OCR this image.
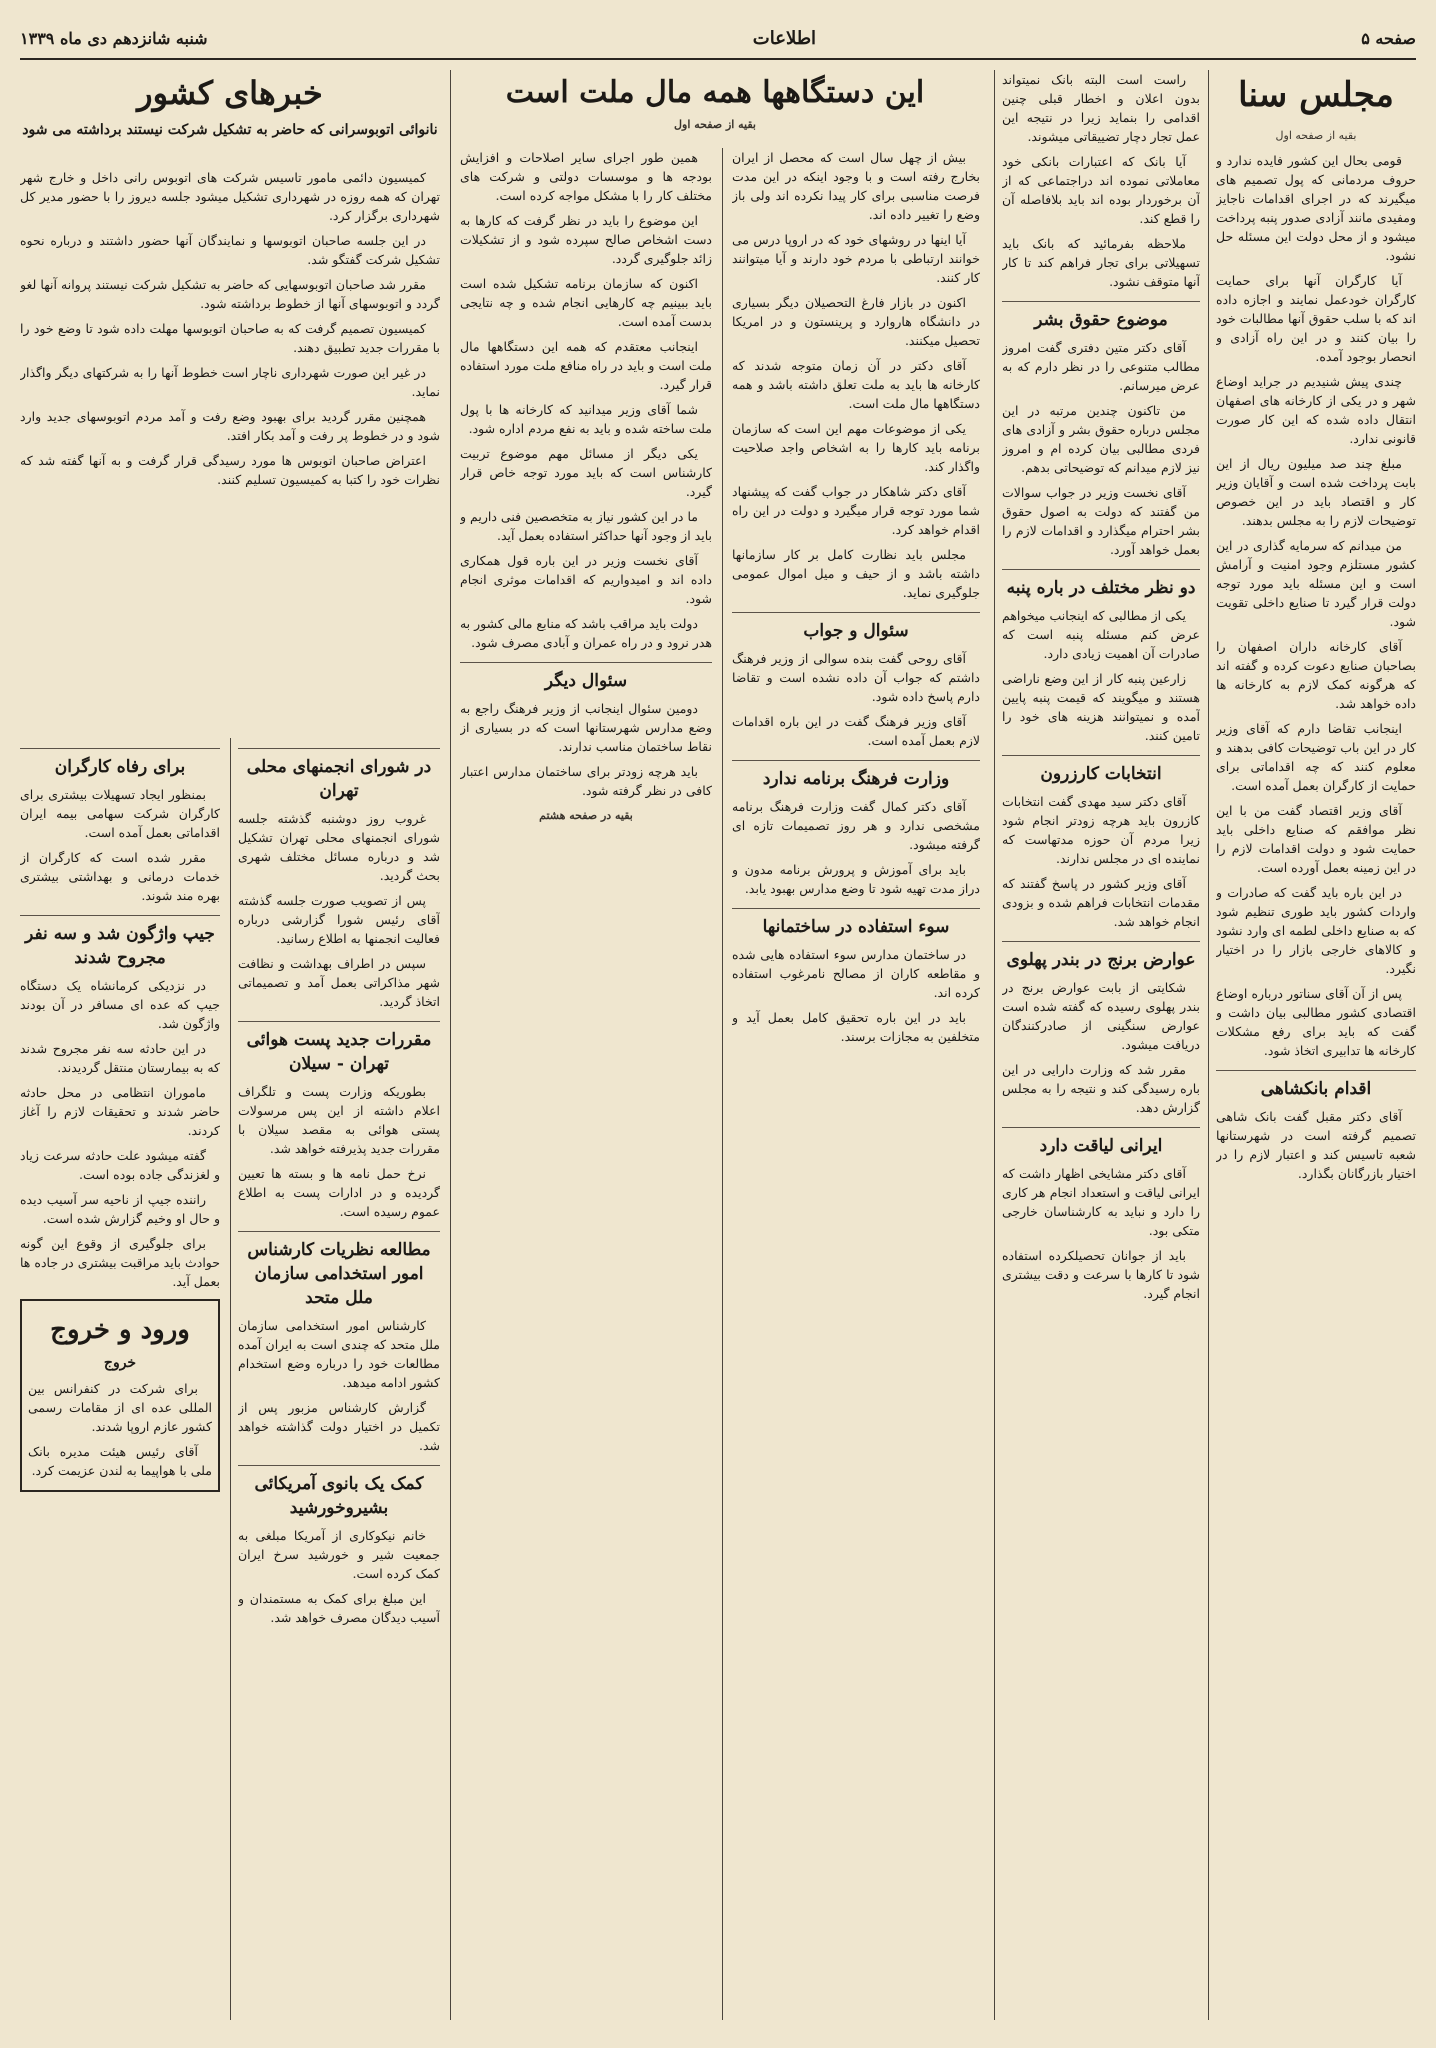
صفحه ۵
اطلاعات
شنبه شانزدهم دی ماه ۱۳۳۹
مجلس سنا
بقیه از صفحه اول

قومی بحال این کشور فایده ندارد و حروف مردمانی که پول تصمیم های میگیرند که در اجرای اقدامات ناجایز ومفیدی مانند آزادی صدور پنبه پرداخت میشود و از محل دولت این مسئله حل نشود.

آیا کارگران آنها برای حمایت کارگران خودعمل نمایند و اجازه داده اند که با سلب حقوق آنها مطالبات خود را بیان کنند و در این راه آزادی و انحصار بوجود آمده.

چندی پیش شنیدیم در جراید اوضاع شهر و در یکی از کارخانه های اصفهان انتقال داده شده که این کار صورت قانونی ندارد.

مبلغ چند صد میلیون ریال از این بابت پرداخت شده است و آقایان وزیر کار و اقتصاد باید در این خصوص توضیحات لازم را به مجلس بدهند.

من میدانم که سرمایه گذاری در این کشور مستلزم وجود امنیت و آرامش است و این مسئله باید مورد توجه دولت قرار گیرد تا صنایع داخلی تقویت شود.

آقای کارخانه داران اصفهان را بصاحبان صنایع دعوت کرده و گفته اند که هرگونه کمک لازم به کارخانه ها داده خواهد شد.

اینجانب تقاضا دارم که آقای وزیر کار در این باب توضیحات کافی بدهند و معلوم کنند که چه اقداماتی برای حمایت از کارگران بعمل آمده است.

آقای وزیر اقتصاد گفت من با این نظر موافقم که صنایع داخلی باید حمایت شود و دولت اقدامات لازم را در این زمینه بعمل آورده است.

در این باره باید گفت که صادرات و واردات کشور باید طوری تنظیم شود که به صنایع داخلی لطمه ای وارد نشود و کالاهای خارجی بازار را در اختیار نگیرد.

پس از آن آقای سناتور درباره اوضاع اقتصادی کشور مطالبی بیان داشت و گفت که باید برای رفع مشکلات کارخانه ها تدابیری اتخاذ شود.

اقدام بانکشاهی

آقای دکتر مقبل گفت بانک شاهی تصمیم گرفته است در شهرستانها شعبه تاسیس کند و اعتبار لازم را در اختیار بازرگانان بگذارد.

راست است البته بانک نمیتواند بدون اعلان و اخطار قبلی چنین اقدامی را بنماید زیرا در نتیجه این عمل تجار دچار تضییقاتی میشوند.

آیا بانک که اعتبارات بانکی خود معاملاتی نموده اند دراجتماعی که از آن برخوردار بوده اند باید بلافاصله آن را قطع کند.

ملاحظه بفرمائید که بانک باید تسهیلاتی برای تجار فراهم کند تا کار آنها متوقف نشود.

موضوع حقوق بشر

آقای دکتر متین دفتری گفت امروز مطالب متنوعی را در نظر دارم که به عرض میرسانم.

من تاکنون چندین مرتبه در این مجلس درباره حقوق بشر و آزادی های فردی مطالبی بیان کرده ام و امروز نیز لازم میدانم که توضیحاتی بدهم.

آقای نخست وزیر در جواب سوالات من گفتند که دولت به اصول حقوق بشر احترام میگذارد و اقدامات لازم را بعمل خواهد آورد.

دو نظر مختلف در باره پنبه

یکی از مطالبی که اینجانب میخواهم عرض کنم مسئله پنبه است که صادرات آن اهمیت زیادی دارد.

زارعین پنبه کار از این وضع ناراضی هستند و میگویند که قیمت پنبه پایین آمده و نمیتوانند هزینه های خود را تامین کنند.

انتخابات کارزرون

آقای دکتر سید مهدی گفت انتخابات کازرون باید هرچه زودتر انجام شود زیرا مردم آن حوزه مدتهاست که نماینده ای در مجلس ندارند.

آقای وزیر کشور در پاسخ گفتند که مقدمات انتخابات فراهم شده و بزودی انجام خواهد شد.

عوارض برنج در بندر پهلوی

شکایتی از بابت عوارض برنج در بندر پهلوی رسیده که گفته شده است عوارض سنگینی از صادرکنندگان دریافت میشود.

مقرر شد که وزارت دارایی در این باره رسیدگی کند و نتیجه را به مجلس گزارش دهد.

ایرانی لیاقت دارد

آقای دکتر مشایخی اظهار داشت که ایرانی لیاقت و استعداد انجام هر کاری را دارد و نباید به کارشناسان خارجی متکی بود.

باید از جوانان تحصیلکرده استفاده شود تا کارها با سرعت و دقت بیشتری انجام گیرد.

این دستگاهها همه مال ملت است
بقیه از صفحه اول

بیش از چهل سال است که محصل از ایران بخارج رفته است و با وجود اینکه در این مدت فرصت مناسبی برای کار پیدا نکرده اند ولی باز وضع را تغییر داده اند.

آیا اینها در روشهای خود که در اروپا درس می خوانند ارتباطی با مردم خود دارند و آیا میتوانند کار کنند.

اکنون در بازار فارغ التحصیلان دیگر بسیاری در دانشگاه هاروارد و پرینستون و در امریکا تحصیل میکنند.

آقای دکتر در آن زمان متوجه شدند که کارخانه ها باید به ملت تعلق داشته باشد و همه دستگاهها مال ملت است.

یکی از موضوعات مهم این است که سازمان برنامه باید کارها را به اشخاص واجد صلاحیت واگذار کند.

آقای دکتر شاهکار در جواب گفت که پیشنهاد شما مورد توجه قرار میگیرد و دولت در این راه اقدام خواهد کرد.

مجلس باید نظارت کامل بر کار سازمانها داشته باشد و از حیف و میل اموال عمومی جلوگیری نماید.

سئوال و جواب

آقای روحی گفت بنده سوالی از وزیر فرهنگ داشتم که جواب آن داده نشده است و تقاضا دارم پاسخ داده شود.

آقای وزیر فرهنگ گفت در این باره اقدامات لازم بعمل آمده است.

وزارت فرهنگ برنامه ندارد

آقای دکتر کمال گفت وزارت فرهنگ برنامه مشخصی ندارد و هر روز تصمیمات تازه ای گرفته میشود.

باید برای آموزش و پرورش برنامه مدون و دراز مدت تهیه شود تا وضع مدارس بهبود یابد.

سوء استفاده در ساختمانها

در ساختمان مدارس سوء استفاده هایی شده و مقاطعه کاران از مصالح نامرغوب استفاده کرده اند.

باید در این باره تحقیق کامل بعمل آید و متخلفین به مجازات برسند.

همین طور اجرای سایر اصلاحات و افزایش بودجه ها و موسسات دولتی و شرکت های مختلف کار را با مشکل مواجه کرده است.

این موضوع را باید در نظر گرفت که کارها به دست اشخاص صالح سپرده شود و از تشکیلات زائد جلوگیری گردد.

اکنون که سازمان برنامه تشکیل شده است باید ببینیم چه کارهایی انجام شده و چه نتایجی بدست آمده است.

اینجانب معتقدم که همه این دستگاهها مال ملت است و باید در راه منافع ملت مورد استفاده قرار گیرد.

شما آقای وزیر میدانید که کارخانه ها با پول ملت ساخته شده و باید به نفع مردم اداره شود.

یکی دیگر از مسائل مهم موضوع تربیت کارشناس است که باید مورد توجه خاص قرار گیرد.

ما در این کشور نیاز به متخصصین فنی داریم و باید از وجود آنها حداکثر استفاده بعمل آید.

آقای نخست وزیر در این باره قول همکاری داده اند و امیدواریم که اقدامات موثری انجام شود.

دولت باید مراقب باشد که منابع مالی کشور به هدر نرود و در راه عمران و آبادی مصرف شود.

سئوال دیگر

دومین سئوال اینجانب از وزیر فرهنگ راجع به وضع مدارس شهرستانها است که در بسیاری از نقاط ساختمان مناسب ندارند.

باید هرچه زودتر برای ساختمان مدارس اعتبار کافی در نظر گرفته شود.

بقیه در صفحه هشتم
خبرهای کشور
نانوائی اتوبوسرانی که حاضر به تشکیل شرکت نیستند برداشته می شود

کمیسیون دائمی مامور تاسیس شرکت های اتوبوس رانی داخل و خارج شهر تهران که همه روزه در شهرداری تشکیل میشود جلسه دیروز را با حضور مدیر کل شهرداری برگزار کرد.

در این جلسه صاحبان اتوبوسها و نمایندگان آنها حضور داشتند و درباره نحوه تشکیل شرکت گفتگو شد.

مقرر شد صاحبان اتوبوسهایی که حاضر به تشکیل شرکت نیستند پروانه آنها لغو گردد و اتوبوسهای آنها از خطوط برداشته شود.

کمیسیون تصمیم گرفت که به صاحبان اتوبوسها مهلت داده شود تا وضع خود را با مقررات جدید تطبیق دهند.

در غیر این صورت شهرداری ناچار است خطوط آنها را به شرکتهای دیگر واگذار نماید.

همچنین مقرر گردید برای بهبود وضع رفت و آمد مردم اتوبوسهای جدید وارد شود و در خطوط پر رفت و آمد بکار افتد.

اعتراض صاحبان اتوبوس ها مورد رسیدگی قرار گرفت و به آنها گفته شد که نظرات خود را کتبا به کمیسیون تسلیم کنند.

در شورای انجمنهای محلی تهران

غروب روز دوشنبه گذشته جلسه شورای انجمنهای محلی تهران تشکیل شد و درباره مسائل مختلف شهری بحث گردید.

پس از تصویب صورت جلسه گذشته آقای رئیس شورا گزارشی درباره فعالیت انجمنها به اطلاع رسانید.

سپس در اطراف بهداشت و نظافت شهر مذاکراتی بعمل آمد و تصمیماتی اتخاذ گردید.

مقررات جدید پست هوائی تهران - سیلان

بطوریکه وزارت پست و تلگراف اعلام داشته از این پس مرسولات پستی هوائی به مقصد سیلان با مقررات جدید پذیرفته خواهد شد.

نرخ حمل نامه ها و بسته ها تعیین گردیده و در ادارات پست به اطلاع عموم رسیده است.

مطالعه نظریات کارشناس امور استخدامی سازمان ملل متحد

کارشناس امور استخدامی سازمان ملل متحد که چندی است به ایران آمده مطالعات خود را درباره وضع استخدام کشور ادامه میدهد.

گزارش کارشناس مزبور پس از تکمیل در اختیار دولت گذاشته خواهد شد.

کمک یک بانوی آمریکائی بشیروخورشید

خانم نیکوکاری از آمریکا مبلغی به جمعیت شیر و خورشید سرخ ایران کمک کرده است.

این مبلغ برای کمک به مستمندان و آسیب دیدگان مصرف خواهد شد.

برای رفاه کارگران

بمنظور ایجاد تسهیلات بیشتری برای کارگران شرکت سهامی بیمه ایران اقداماتی بعمل آمده است.

مقرر شده است که کارگران از خدمات درمانی و بهداشتی بیشتری بهره مند شوند.

جیپ واژگون شد و سه نفر مجروح شدند

در نزدیکی کرمانشاه یک دستگاه جیپ که عده ای مسافر در آن بودند واژگون شد.

در این حادثه سه نفر مجروح شدند که به بیمارستان منتقل گردیدند.

ماموران انتظامی در محل حادثه حاضر شدند و تحقیقات لازم را آغاز کردند.

گفته میشود علت حادثه سرعت زیاد و لغزندگی جاده بوده است.

راننده جیپ از ناحیه سر آسیب دیده و حال او وخیم گزارش شده است.

برای جلوگیری از وقوع این گونه حوادث باید مراقبت بیشتری در جاده ها بعمل آید.

ورود و خروج
خروج

برای شرکت در کنفرانس بین المللی عده ای از مقامات رسمی کشور عازم اروپا شدند.

آقای رئیس هیئت مدیره بانک ملی با هواپیما به لندن عزیمت کرد.
